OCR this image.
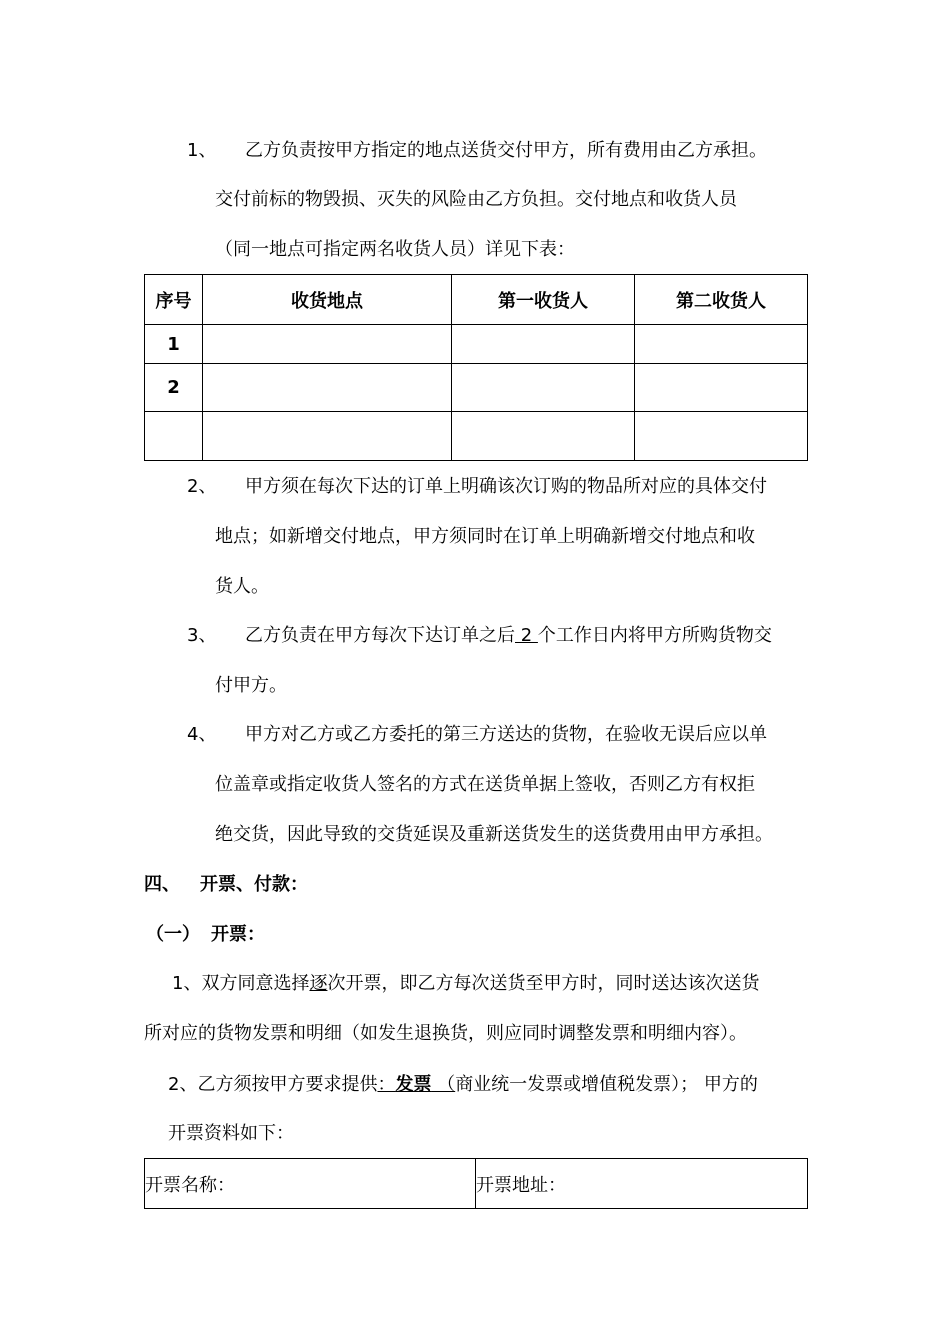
1、 乙方负责按甲方指定的地点送货交付甲方，所有费用由乙方承担。
交付前标的物毁损、灭失的风险由乙方负担。交付地点和收货人员
（同一地点可指定两名收货人员）详见下表：
序号	收货地点	第一收货人	第二收货人
1			
2			

2、 甲方须在每次下达的订单上明确该次订购的物品所对应的具体交付
地点；如新增交付地点，甲方须同时在订单上明确新增交付地点和收
货人。
3、 乙方负责在甲方每次下达订单之后 2 个工作日内将甲方所购货物交
付甲方。
4、 甲方对乙方或乙方委托的第三方送达的货物，在验收无误后应以单
位盖章或指定收货人签名的方式在送货单据上签收，否则乙方有权拒
绝交货，因此导致的交货延误及重新送货发生的送货费用由甲方承担。
四、 开票、付款：
（一） 开票：
1、双方同意选择逐次开票，即乙方每次送货至甲方时，同时送达该次送货
所对应的货物发票和明细（如发生退换货，则应同时调整发票和明细内容）。
2、乙方须按甲方要求提供：发票 （商业统一发票或增值税发票）； 甲方的
开票资料如下：
开票名称：	开票地址：
